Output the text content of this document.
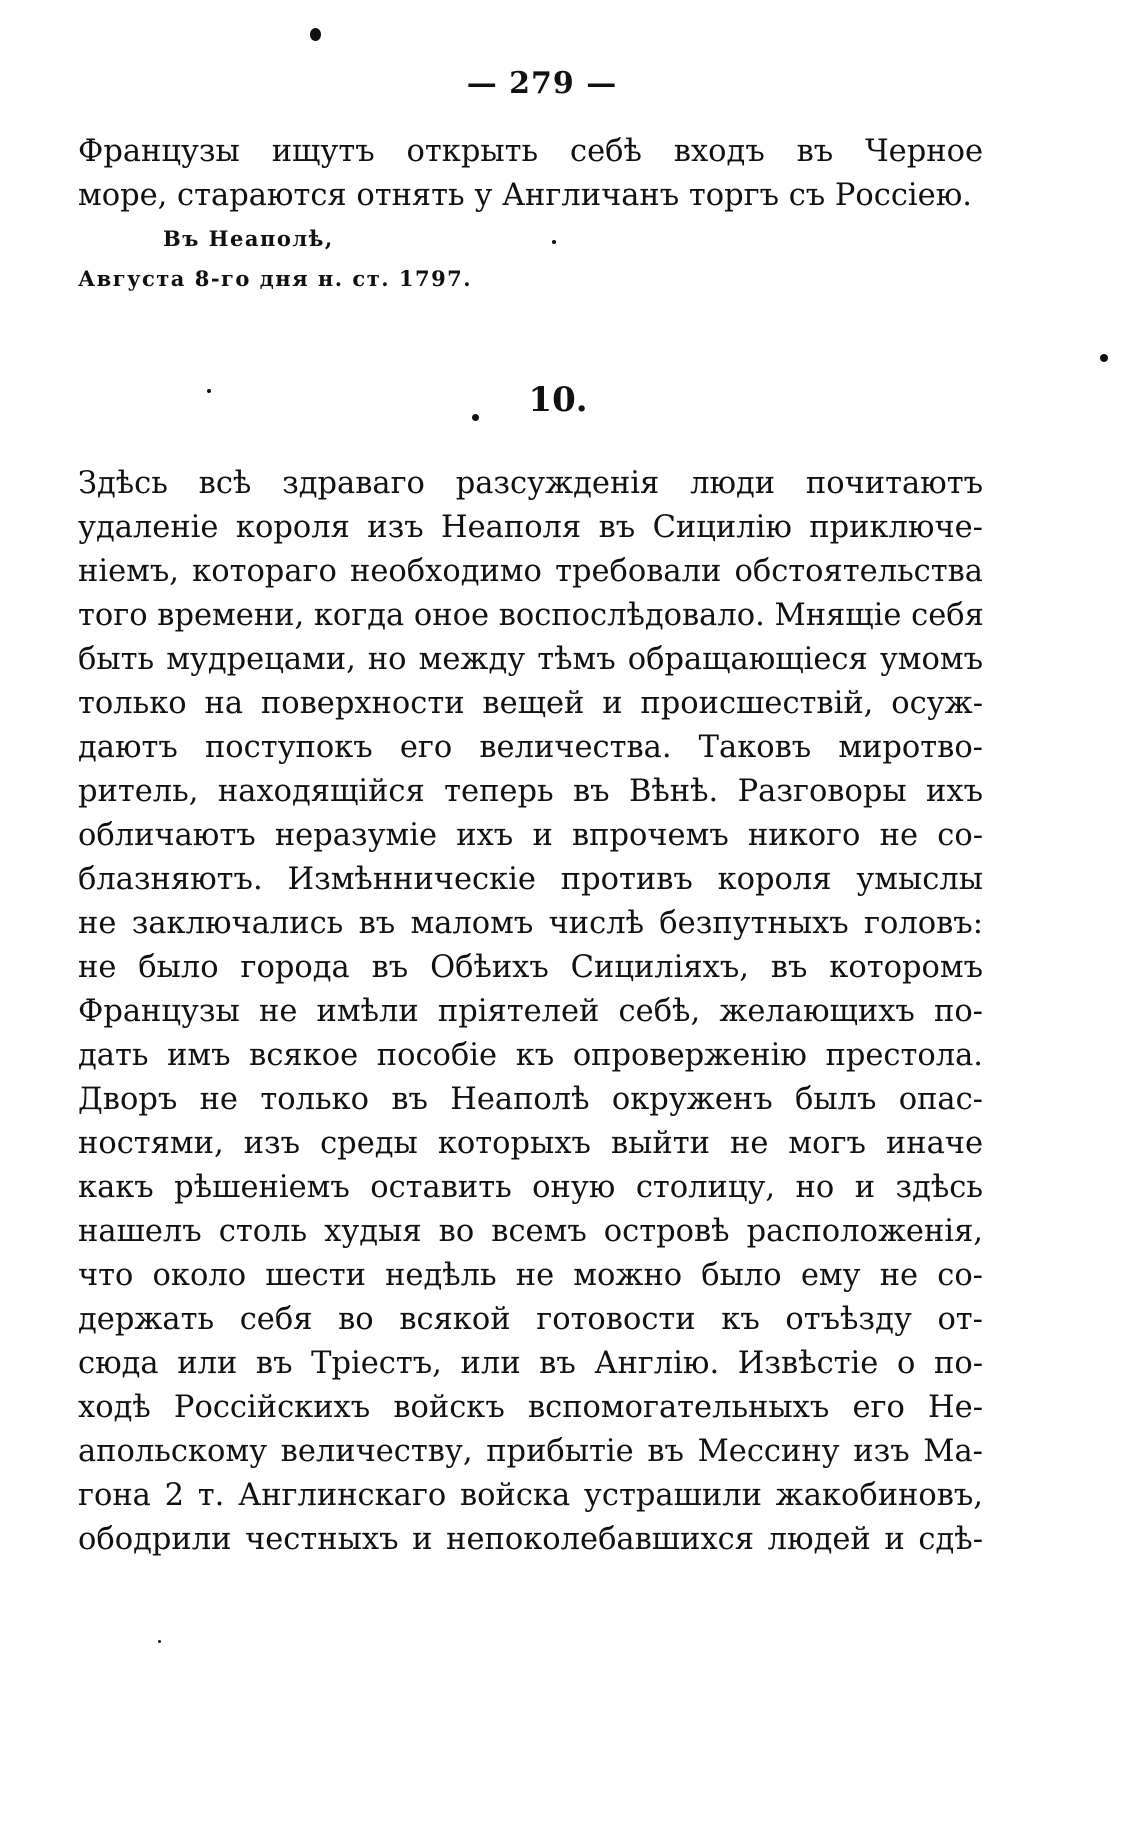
— 279 —
Французы ищутъ открыть себѣ входъ въ Черное
море, стараются отнять у Англичанъ торгъ съ Россіею.
Въ Неаполѣ,
Августа 8-го дня н. ст. 1797.
10.
Здѣсь всѣ здраваго разсужденія люди почитаютъ
удаленіе короля изъ Неаполя въ Сицилію приключе-
ніемъ, котораго необходимо требовали обстоятельства
того времени, когда оное воспослѣдовало. Мнящіе себя
быть мудрецами, но между тѣмъ обращающіеся умомъ
только на поверхности вещей и происшествій, осуж-
даютъ поступокъ его величества. Таковъ миротво-
ритель, находящійся теперь въ Вѣнѣ. Разговоры ихъ
обличаютъ неразуміе ихъ и впрочемъ никого не со-
блазняютъ. Измѣнническіе противъ короля умыслы
не заключались въ маломъ числѣ безпутныхъ головъ:
не было города въ Обѣихъ Сициліяхъ, въ которомъ
Французы не имѣли пріятелей себѣ, желающихъ по-
дать имъ всякое пособіе къ опроверженію престола.
Дворъ не только въ Неаполѣ окруженъ былъ опас-
ностями, изъ среды которыхъ выйти не могъ иначе
какъ рѣшеніемъ оставить оную столицу, но и здѣсь
нашелъ столь худыя во всемъ островѣ расположенія,
что около шести недѣль не можно было ему не со-
держать себя во всякой готовости къ отъѣзду от-
сюда или въ Тріестъ, или въ Англію. Извѣстіе о по-
ходѣ Россійскихъ войскъ вспомогательныхъ его Не-
апольскому величеству, прибытіе въ Мессину изъ Ма-
гона 2 т. Англинскаго войска устрашили жакобиновъ,
ободрили честныхъ и непоколебавшихся людей и сдѣ-
